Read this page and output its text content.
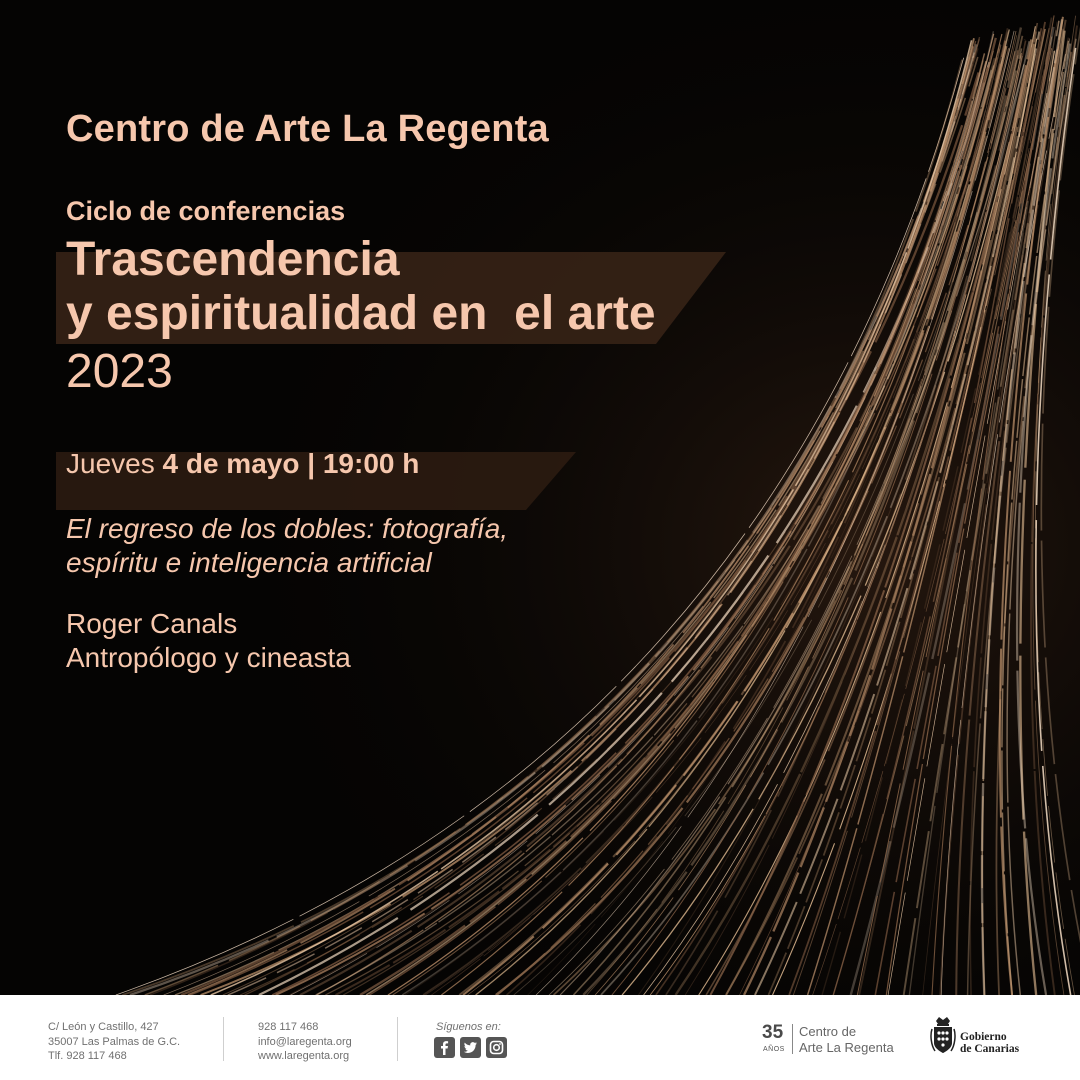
Centro de Arte La Regenta
Ciclo de conferencias
Trascendencia
y espiritualidad en  el arte
2023
Jueves 4 de mayo | 19:00 h
El regreso de los dobles: fotografía,
espíritu e inteligencia artificial
Roger Canals
Antropólogo y cineasta
C/ León y Castillo, 427
35007 Las Palmas de G.C.
Tlf. 928 117 468
928 117 468
info@laregenta.org
www.laregenta.org
Síguenos en:	35
AÑOS
Centro de
Arte La Regenta
Gobierno
de Canarias
